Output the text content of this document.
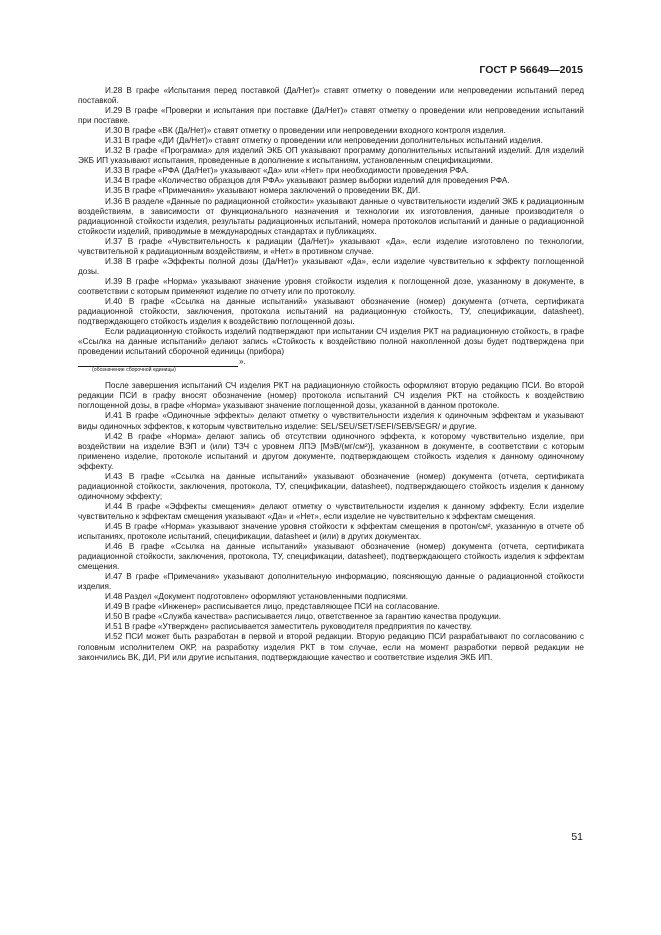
ГОСТ Р 56649—2015

И.28 В графе «Испытания перед поставкой (Да/Нет)» ставят отметку о поведении или непроведении испытаний перед поставкой.

И.29 В графе «Проверки и испытания при поставке (Да/Нет)» ставят отметку о проведении или непроведении испытаний при поставке.

И.30 В графе «ВК (Да/Нет)» ставят отметку о проведении или непроведении входного контроля изделия.

И.31 В графе «ДИ (Да/Нет)» ставят отметку о проведении или непроведении дополнительных испытаний изделия.

И.32 В графе «Программа» для изделий ЭКБ ОП указывают программу дополнительных испытаний изделий. Для изделий ЭКБ ИП указывают испытания, проведенные в дополнение к испытаниям, установленным спецификациями.

И.33 В графе «РФА (Да/Нет)» указывают «Да» или «Нет» при необходимости проведения РФА.

И.34 В графе «Количество образцов для РФА» указывают размер выборки изделий для проведения РФА.

И.35 В графе «Примечания» указывают номера заключений о проведении ВК, ДИ.

И.36 В разделе «Данные по радиационной стойкости» указывают данные о чувствительности изделий ЭКБ к радиационным воздействиям, в зависимости от функционального назначения и технологии их изготовления, данные производителя о радиационной стойкости изделия, результаты радиационных испытаний, номера протоколов испытаний и данные о радиационной стойкости изделий, приводимые в международных стандартах и публикациях.

И.37 В графе «Чувствительность к радиации (Да/Нет)» указывают «Да», если изделие изготовлено по технологии, чувствительной к радиационным воздействиям, и «Нет» в противном случае.

И.38 В графе «Эффекты полной дозы (Да/Нет)» указывают «Да», если изделие чувствительно к эффекту поглощенной дозы.

И.39 В графе «Норма» указывают значение уровня стойкости изделия к поглощенной дозе, указанному в документе, в соответствии с которым применяют изделие по отчету или по протоколу.

И.40 В графе «Ссылка на данные испытаний» указывают обозначение (номер) документа (отчета, сертификата радиационной стойкости, заключения, протокола испытаний на радиационную стойкость, ТУ, спецификации, datasheet), подтверждающего стойкость изделия к воздействию поглощенной дозы.

Если радиационную стойкость изделий подтверждают при испытании СЧ изделия РКТ на радиационную стойкость, в графе «Ссылка на данные испытаний» делают запись «Стойкость к воздействию полной накопленной дозы будет подтверждена при проведении испытаний сборочной единицы (прибора)

».
(обозначение сборочной единицы)

После завершения испытаний СЧ изделия РКТ на радиационную стойкость оформляют вторую редакцию ПСИ. Во второй редакции ПСИ в графу вносят обозначение (номер) протокола испытаний СЧ изделия РКТ на стойкость к воздействию поглощенной дозы, в графе «Норма» указывают значение поглощенной дозы, указанной в данном протоколе.

И.41 В графе «Одиночные эффекты» делают отметку о чувствительности изделия к одиночным эффектам и указывают виды одиночных эффектов, к которым чувствительно изделие: SEL/SEU/SET/SEFI/SEB/SEGR/ и другие.

И.42 В графе «Норма» делают запись об отсутствии одиночного эффекта, к которому чувствительно изделие, при воздействии на изделие ВЭП и (или) ТЗЧ с уровнем ЛПЭ [МэВ/(мг/см²)], указанном в документе, в соответствии с которым применено изделие, протоколе испытаний и другом документе, подтверждающем стойкость изделия к данному одиночному эффекту.

И.43 В графе «Ссылка на данные испытаний» указывают обозначение (номер) документа (отчета, сертификата радиационной стойкости, заключения, протокола, ТУ, спецификации, datasheet), подтверждающего стойкость изделия к данному одиночному эффекту;

И.44 В графе «Эффекты смещения» делают отметку о чувствительности изделия к данному эффекту. Если изделие чувствительно к эффектам смещения указывают «Да» и «Нет», если изделие не чувствительно к эффектам смещения.

И.45 В графе «Норма» указывают значение уровня стойкости к эффектам смещения в протон/см², указанную в отчете об испытаниях, протоколе испытаний, спецификации, datasheet и (или) в других документах.

И.46 В графе «Ссылка на данные испытаний» указывают обозначение (номер) документа (отчета, сертификата радиационной стойкости, заключения, протокола, ТУ, спецификации, datasheet), подтверждающего стойкость изделия к эффектам смещения.

И.47 В графе «Примечания» указывают дополнительную информацию, поясняющую данные о радиационной стойкости изделия.

И.48 Раздел «Документ подготовлен» оформляют установленными подписями.

И.49 В графе «Инженер» расписывается лицо, представляющее ПСИ на согласование.

И.50 В графе «Служба качества» расписывается лицо, ответственное за гарантию качества продукции.

И.51 В графе «Утвержден» расписывается заместитель руководителя предприятия по качеству.

И.52 ПСИ может быть разработан в первой и второй редакции. Вторую редакцию ПСИ разрабатывают по согласованию с головным исполнителем ОКР, на разработку изделия РКТ в том случае, если на момент разработки первой редакции не закончились ВК, ДИ, РИ или другие испытания, подтверждающие качество и соответствие изделия ЭКБ ИП.

51
